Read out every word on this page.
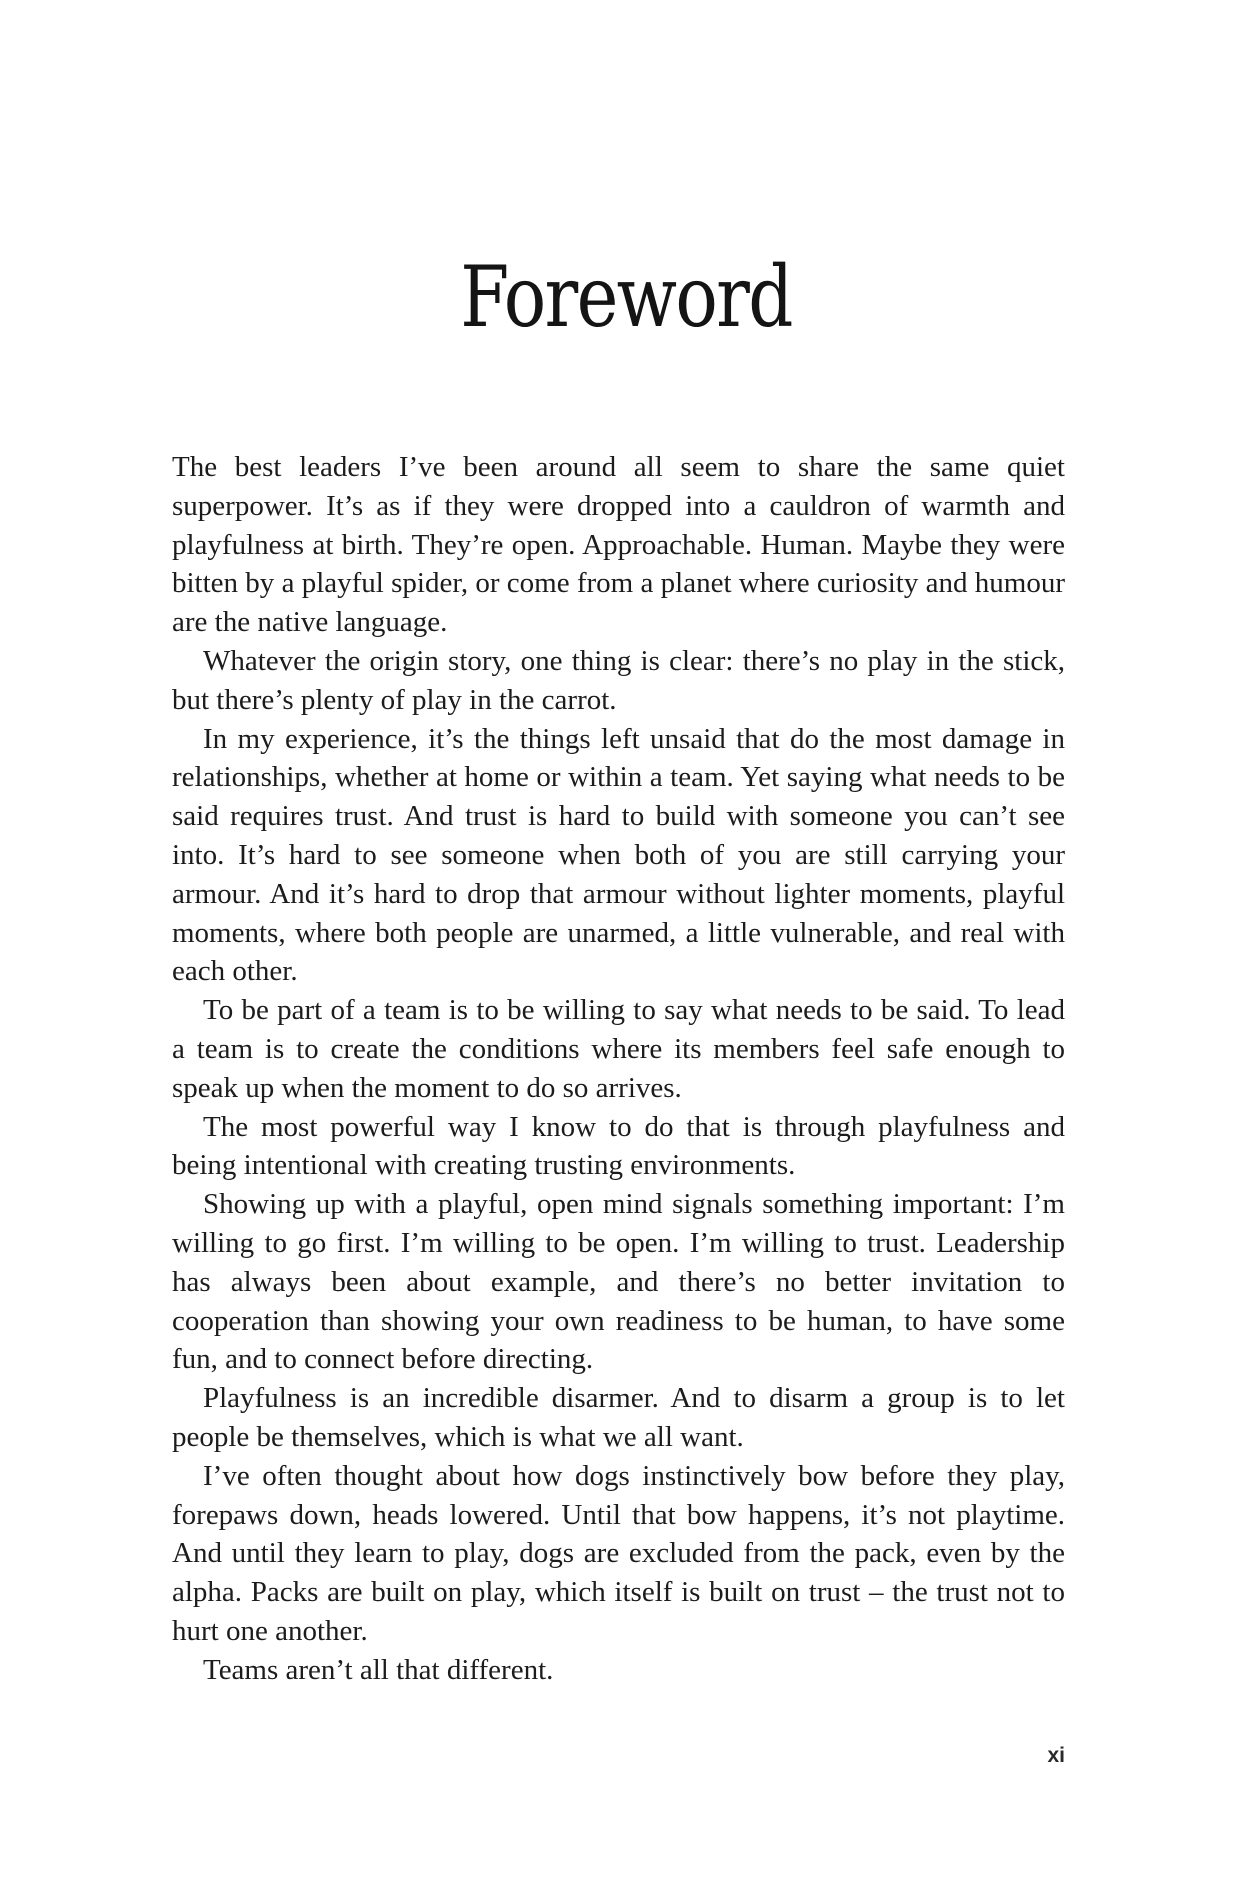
Foreword

The best leaders I’ve been around all seem to share the same quiet superpower. It’s as if they were dropped into a cauldron of warmth and playfulness at birth. They’re open. Approachable. Human. Maybe they were bitten by a playful spider, or come from a planet where curiosity and humour are the native language.

Whatever the origin story, one thing is clear: there’s no play in the stick, but there’s plenty of play in the carrot.

In my experience, it’s the things left unsaid that do the most damage in relationships, whether at home or within a team. Yet saying what needs to be said requires trust. And trust is hard to build with someone you can’t see into. It’s hard to see someone when both of you are still carrying your armour. And it’s hard to drop that armour without lighter moments, playful moments, where both people are unarmed, a little vulnerable, and real with each other.

To be part of a team is to be willing to say what needs to be said. To lead a team is to create the conditions where its members feel safe enough to speak up when the moment to do so arrives.

The most powerful way I know to do that is through playfulness and being intentional with creating trusting environments.

Showing up with a playful, open mind signals something important: I’m willing to go first. I’m willing to be open. I’m willing to trust. Leadership has always been about example, and there’s no better invitation to cooperation than showing your own readiness to be human, to have some fun, and to connect before directing.

Playfulness is an incredible disarmer. And to disarm a group is to let people be themselves, which is what we all want.

I’ve often thought about how dogs instinctively bow before they play, forepaws down, heads lowered. Until that bow happens, it’s not playtime. And until they learn to play, dogs are excluded from the pack, even by the alpha. Packs are built on play, which itself is built on trust – the trust not to hurt one another.

Teams aren’t all that different.

xi
